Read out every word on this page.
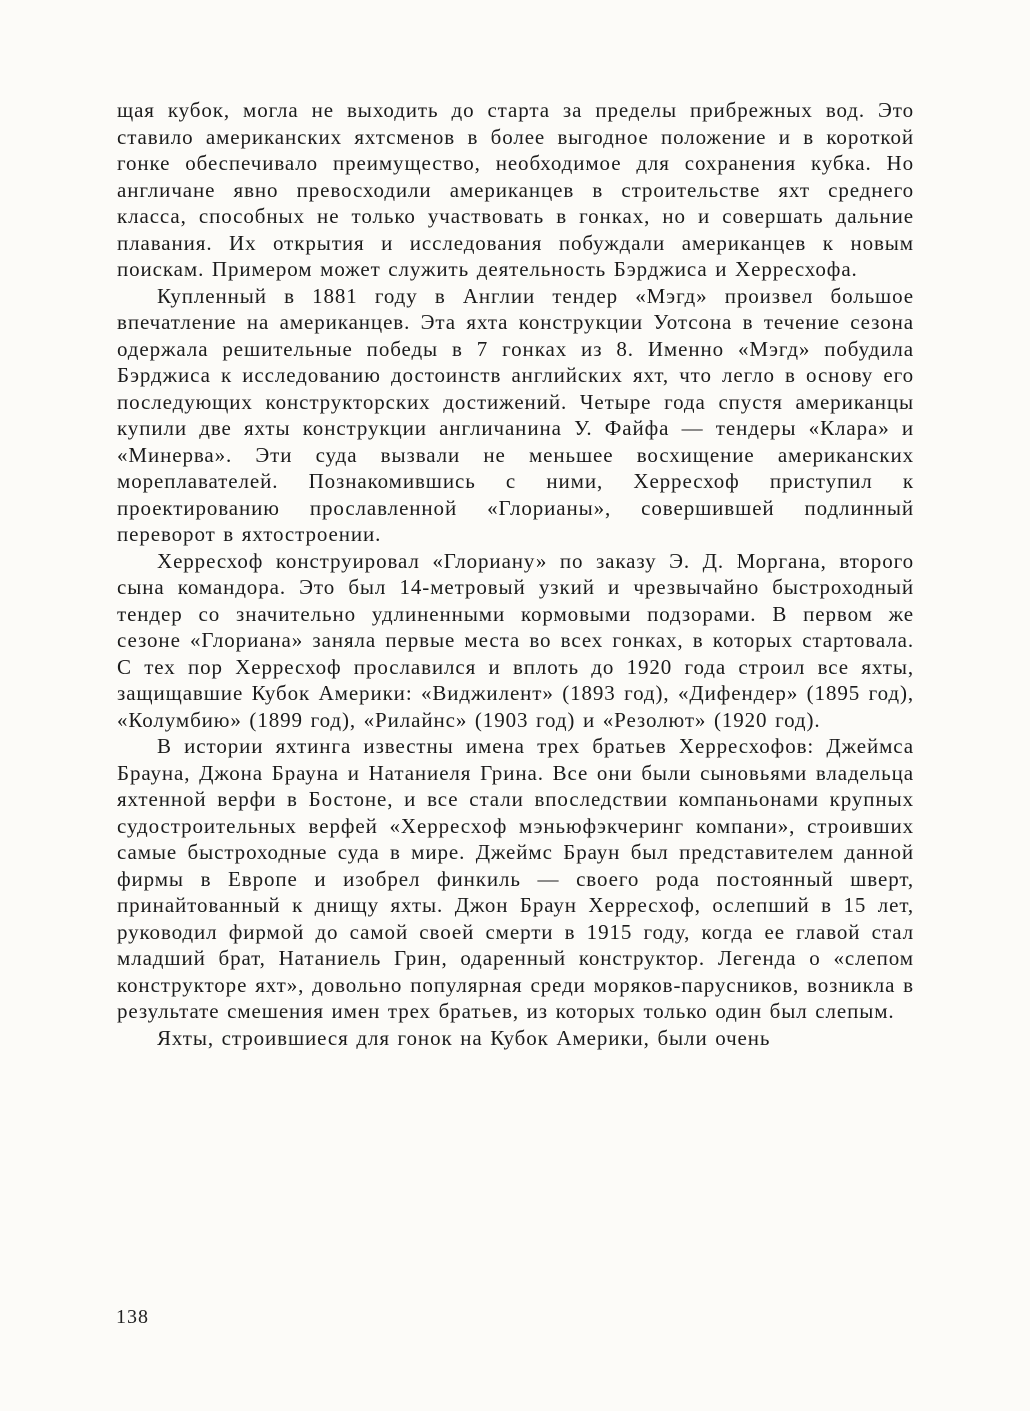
щая кубок, могла не выходить до старта за пределы прибрежных вод. Это ставило американских яхтсменов в более выгодное положение и в короткой гонке обеспечивало преимущество, необходимое для сохранения кубка. Но англичане явно превосходили американцев в строительстве яхт среднего класса, способных не только участвовать в гонках, но и совершать дальние плавания. Их открытия и исследования побуждали американцев к новым поискам. Примером может служить деятельность Бэрджиса и Херресхофа.

Купленный в 1881 году в Англии тендер «Мэгд» произвел большое впечатление на американцев. Эта яхта конструкции Уотсона в течение сезона одержала решительные победы в 7 гонках из 8. Именно «Мэгд» побудила Бэрджиса к исследованию достоинств английских яхт, что легло в основу его последующих конструкторских достижений. Четыре года спустя американцы купили две яхты конструкции англичанина У. Файфа — тендеры «Клара» и «Минерва». Эти суда вызвали не меньшее восхищение американских мореплавателей. Познакомившись с ними, Херресхоф приступил к проектированию прославленной «Глорианы», совершившей подлинный переворот в яхтостроении.

Херресхоф конструировал «Глориану» по заказу Э. Д. Моргана, второго сына командора. Это был 14-метровый узкий и чрезвычайно быстроходный тендер со значительно удлиненными кормовыми подзорами. В первом же сезоне «Глориана» заняла первые места во всех гонках, в которых стартовала. С тех пор Херресхоф прославился и вплоть до 1920 года строил все яхты, защищавшие Кубок Америки: «Виджилент» (1893 год), «Дифендер» (1895 год), «Колумбию» (1899 год), «Рилайнс» (1903 год) и «Резолют» (1920 год).

В истории яхтинга известны имена трех братьев Херресхофов: Джеймса Брауна, Джона Брауна и Натаниеля Грина. Все они были сыновьями владельца яхтенной верфи в Бостоне, и все стали впоследствии компаньонами крупных судостроительных верфей «Херресхоф мэньюфэкчеринг компани», строивших самые быстроходные суда в мире. Джеймс Браун был представителем данной фирмы в Европе и изобрел финкиль — своего рода постоянный шверт, принайтованный к днищу яхты. Джон Браун Херресхоф, ослепший в 15 лет, руководил фирмой до самой своей смерти в 1915 году, когда ее главой стал младший брат, Натаниель Грин, одаренный конструктор. Легенда о «слепом конструкторе яхт», довольно популярная среди моряков-парусников, возникла в результате смешения имен трех братьев, из которых только один был слепым.

Яхты, строившиеся для гонок на Кубок Америки, были очень

138
